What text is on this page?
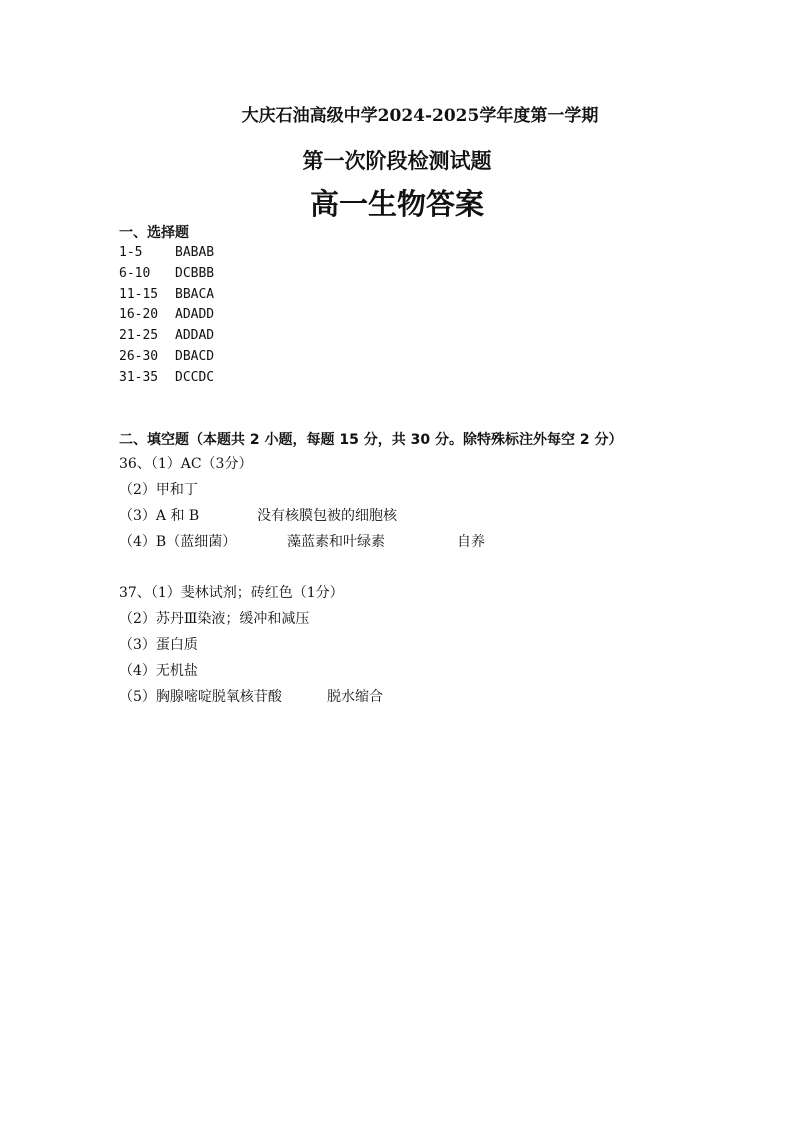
大庆石油高级中学2024-2025学年度第一学期
第一次阶段检测试题
高一生物答案
一、选择题
1-5	BABAB
6-10	DCBBB
11-15	BBACA
16-20	ADADD
21-25	ADDAD
26-30	DBACD
31-35	DCCDC
二、填空题（本题共 2 小题，每题 15 分，共 30 分。除特殊标注外每空 2 分）
36、（1）AC（3分）
（2）甲和丁
（3）A 和 B	没有核膜包被的细胞核
（4）B（蓝细菌）	藻蓝素和叶绿素	自养
37、（1）斐林试剂；砖红色（1分）
（2）苏丹Ⅲ染液；缓冲和减压
（3）蛋白质
（4）无机盐
（5）胸腺嘧啶脱氧核苷酸	脱水缩合
